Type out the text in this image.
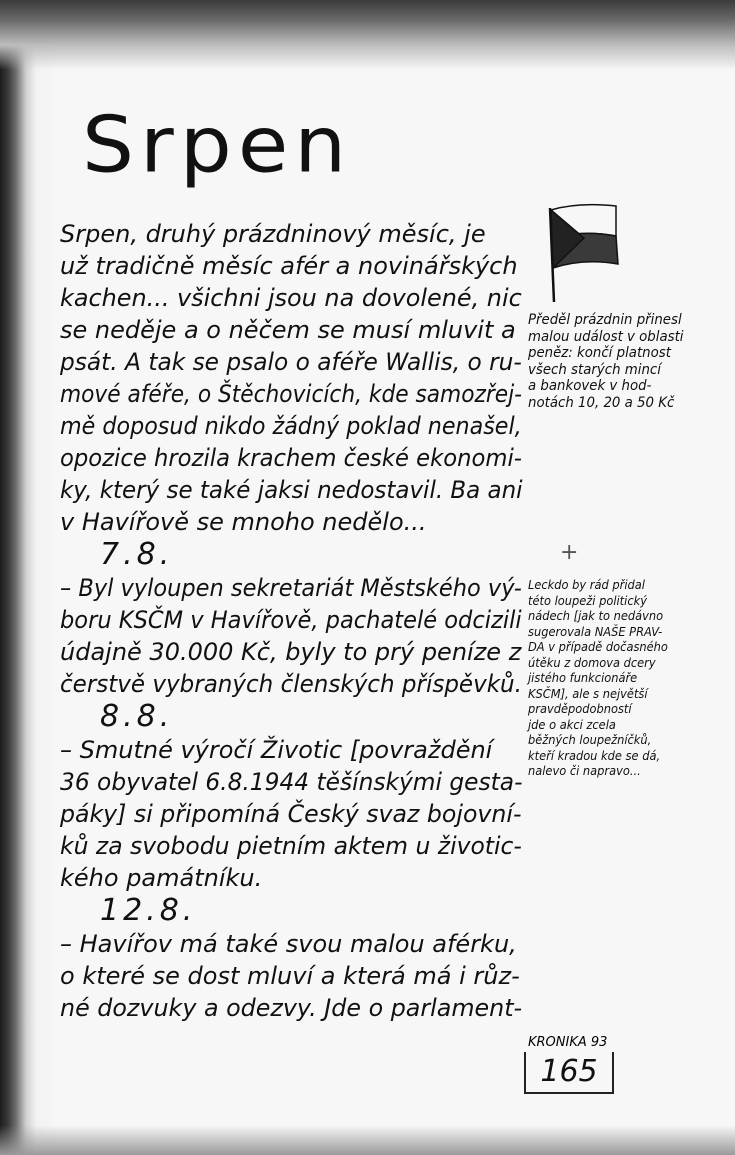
Srpen
Srpen, druhý prázdninový měsíc, je
už tradičně měsíc afér a novinářských
kachen... všichni jsou na dovolené, nic
se neděje a o něčem se musí mluvit a
psát. A tak se psalo o aféře Wallis, o ru-
mové aféře, o Štěchovicích, kde samozřej-
mě doposud nikdo žádný poklad nenašel,
opozice hrozila krachem české ekonomi-
ky, který se také jaksi nedostavil. Ba ani
v Havířově se mnoho nedělo...
7.8.
– Byl vyloupen sekretariát Městského vý-
boru KSČM v Havířově, pachatelé odcizili
údajně 30.000 Kč, byly to prý peníze z
čerstvě vybraných členských příspěvků.
8.8.
– Smutné výročí Životic [povraždění
36 obyvatel 6.8.1944 těšínskými gesta-
páky] si připomíná Český svaz bojovní-
ků za svobodu pietním aktem u životic-
kého památníku.
12.8.
– Havířov má také svou malou aférku,
o které se dost mluví a která má i růz-
né dozvuky a odezvy. Jde o parlament-
Předěl prázdnin přinesl
malou událost v oblasti
peněz: končí platnost
všech starých mincí
a bankovek v hod-
notách 10, 20 a 50 Kč
+
Leckdo by rád přidal
této loupeži politický
nádech [jak to nedávno
sugerovala NAŠE PRAV-
DA v případě dočasného
útěku z domova dcery
jistého funkcionáře
KSČM], ale s největší
pravděpodobností
jde o akci zcela
běžných loupežníčků,
kteří kradou kde se dá,
nalevo či napravo...
KRONIKA 93
165
